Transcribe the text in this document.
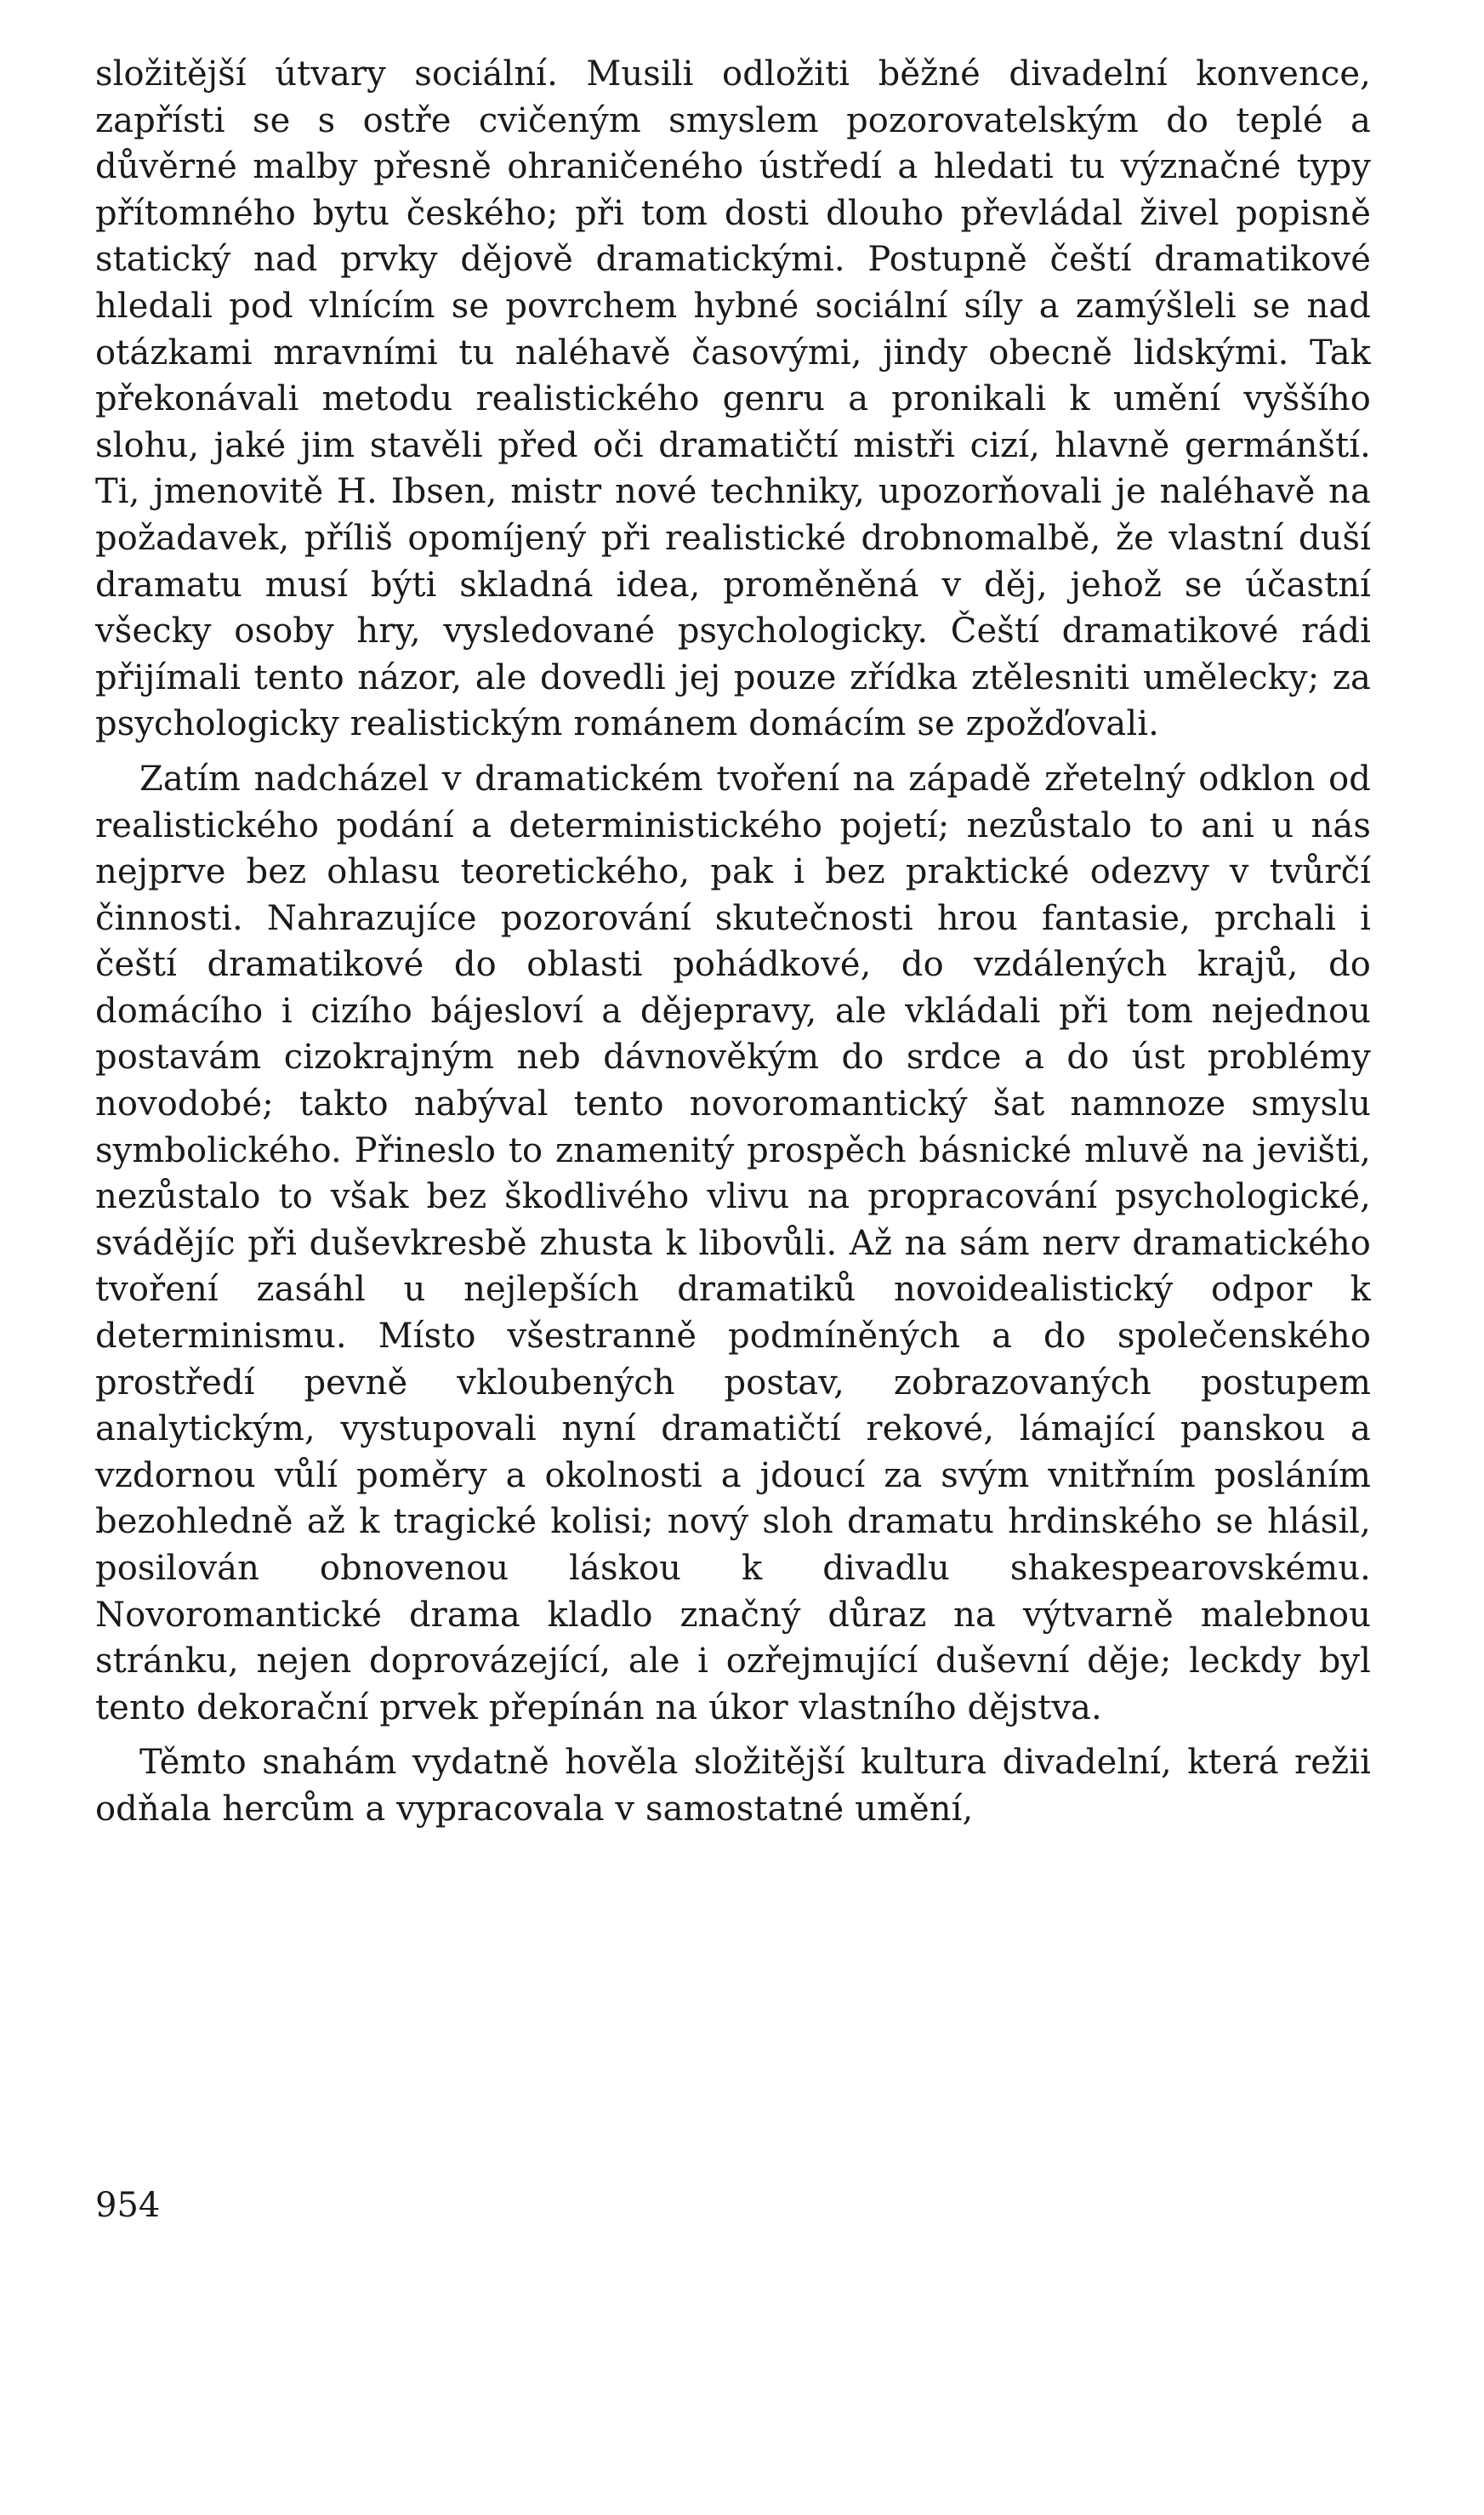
složitější útvary sociální. Musili odložiti běžné divadelní konvence, zapřísti se s ostře cvičeným smyslem pozorovatelským do teplé a důvěrné malby přesně ohraničeného ústředí a hledati tu význačné typy přítomného bytu českého; při tom dosti dlouho převládal živel popisně statický nad prvky dějově dramatickými. Postupně čeští dramatikové hledali pod vlnícím se povrchem hybné sociální síly a zamýšleli se nad otázkami mravními tu naléhavě časovými, jindy obecně lidskými. Tak překonávali metodu realistického genru a pronikali k umění vyššího slohu, jaké jim stavěli před oči dramatičtí mistři cizí, hlavně germánští. Ti, jmenovitě H. Ibsen, mistr nové techniky, upozorňovali je naléhavě na požadavek, příliš opomíjený při realistické drobnomalbě, že vlastní duší dramatu musí býti skladná idea, proměněná v děj, jehož se účastní všecky osoby hry, vysledované psychologicky. Čeští dramatikové rádi přijímali tento názor, ale dovedli jej pouze zřídka ztělesniti umělecky; za psychologicky realistickým románem domácím se zpožďovali.

Zatím nadcházel v dramatickém tvoření na západě zřetelný odklon od realistického podání a deterministického pojetí; nezůstalo to ani u nás nejprve bez ohlasu teoretického, pak i bez praktické odezvy v tvůrčí činnosti. Nahrazujíce pozorování skutečnosti hrou fantasie, prchali i čeští dramatikové do oblasti pohádkové, do vzdálených krajů, do domácího i cizího bájesloví a dějepravy, ale vkládali při tom nejednou postavám cizokrajným neb dávnověkým do srdce a do úst problémy novodobé; takto nabýval tento novoromantický šat namnoze smyslu symbolického. Přineslo to znamenitý prospěch básnické mluvě na jevišti, nezůstalo to však bez škodlivého vlivu na propracování psychologické, svádějíc při duševkresbě zhusta k libovůli. Až na sám nerv dramatického tvoření zasáhl u nejlepších dramatiků novoidealistický odpor k determinismu. Místo všestranně podmíněných a do společenského prostředí pevně vkloubených postav, zobrazovaných postupem analytickým, vystupovali nyní dramatičtí rekové, lámající panskou a vzdornou vůlí poměry a okolnosti a jdoucí za svým vnitřním posláním bezohledně až k tragické kolisi; nový sloh dramatu hrdinského se hlásil, posilován obnovenou láskou k divadlu shakespearovskému. Novoromantické drama kladlo značný důraz na výtvarně malebnou stránku, nejen doprovázející, ale i ozřejmující duševní děje; leckdy byl tento dekorační prvek přepínán na úkor vlastního dějstva.

Těmto snahám vydatně hověla složitější kultura divadelní, která režii odňala hercům a vypracovala v samostatné umění,

954
